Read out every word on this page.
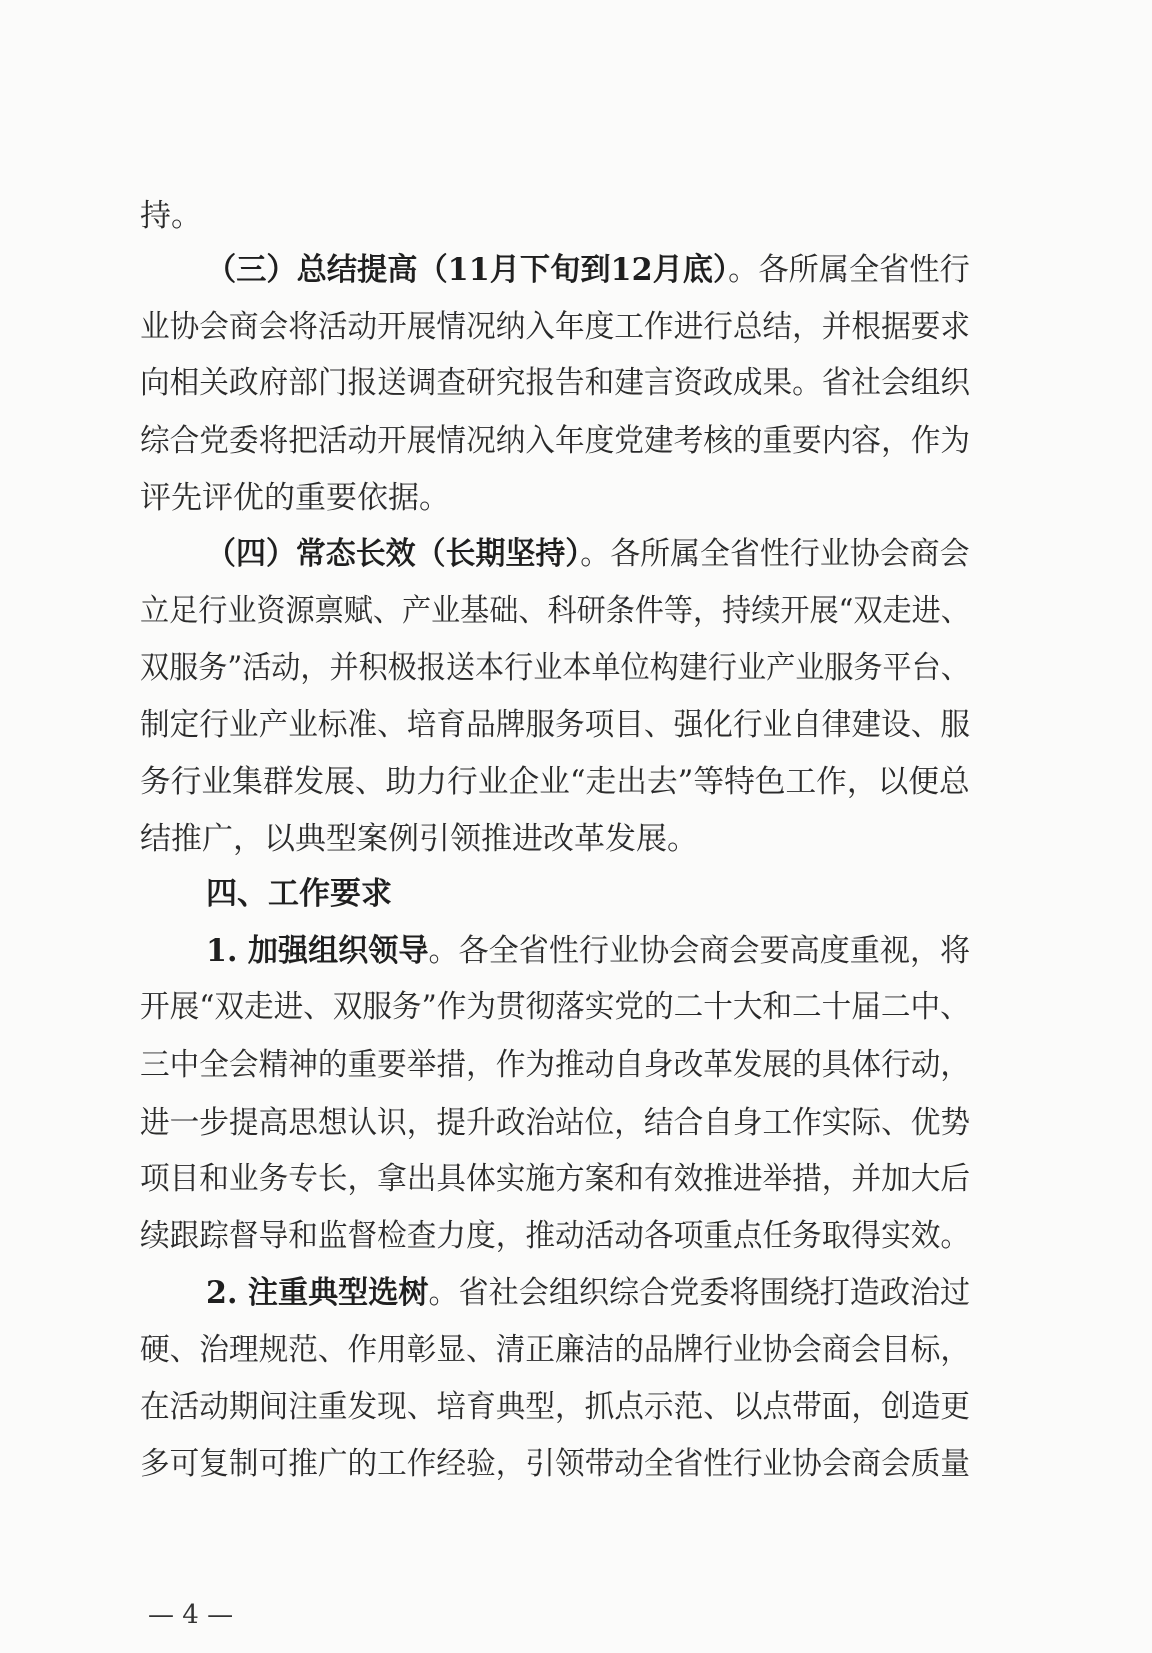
持。
（三）总结提高（11月下旬到12月底）。各所属全省性行
业协会商会将活动开展情况纳入年度工作进行总结，并根据要求
向相关政府部门报送调查研究报告和建言资政成果。省社会组织
综合党委将把活动开展情况纳入年度党建考核的重要内容，作为
评先评优的重要依据。
（四）常态长效（长期坚持）。各所属全省性行业协会商会
立足行业资源禀赋、产业基础、科研条件等，持续开展“双走进、
双服务”活动，并积极报送本行业本单位构建行业产业服务平台、
制定行业产业标准、培育品牌服务项目、强化行业自律建设、服
务行业集群发展、助力行业企业“走出去”等特色工作，以便总
结推广，以典型案例引领推进改革发展。
四、工作要求
1. 加强组织领导。各全省性行业协会商会要高度重视，将
开展“双走进、双服务”作为贯彻落实党的二十大和二十届二中、
三中全会精神的重要举措，作为推动自身改革发展的具体行动，
进一步提高思想认识，提升政治站位，结合自身工作实际、优势
项目和业务专长，拿出具体实施方案和有效推进举措，并加大后
续跟踪督导和监督检查力度，推动活动各项重点任务取得实效。
2. 注重典型选树。省社会组织综合党委将围绕打造政治过
硬、治理规范、作用彰显、清正廉洁的品牌行业协会商会目标，
在活动期间注重发现、培育典型，抓点示范、以点带面，创造更
多可复制可推广的工作经验，引领带动全省性行业协会商会质量
— 4 —
